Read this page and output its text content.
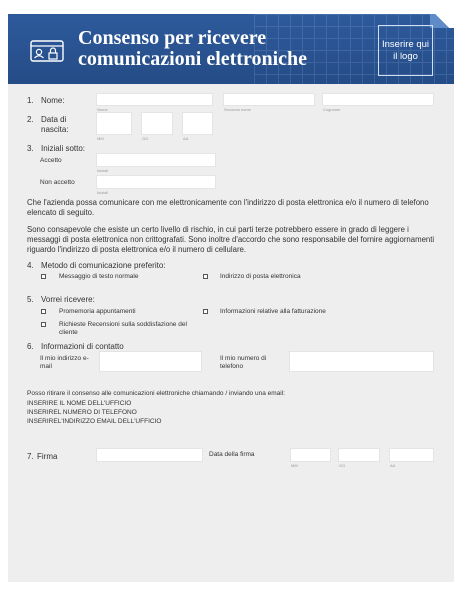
Consenso per ricevere
comunicazioni elettroniche
Inserire qui il logo
1. Nome:
Nome	Secondo nome	Cognome
2. Data di
nascita:
MM	GG	AA
3. Iniziali sotto:
Accetto
Iniziali
Non accetto
Iniziali
Che l'azienda possa comunicare con me elettronicamente con l'indirizzo di posta elettronica e/o il numero di telefono elencato di seguito.
Sono consapevole che esiste un certo livello di rischio, in cui parti terze potrebbero essere in grado di leggere i messaggi di posta elettronica non crittografati. Sono inoltre d'accordo che sono responsabile del fornire aggiornamenti riguardo l'indirizzo di posta elettronica e/o il numero di cellulare.
4. Metodo di comunicazione preferito:
Messaggio di testo normale	Indirizzo di posta elettronica
5. Vorrei ricevere:
Promemoria appuntamenti	Informazioni relative alla fatturazione
Richieste Recensioni sulla soddisfazione del cliente
6. Informazioni di contatto
Il mio indirizzo e-mail
Il mio numero di telefono
Posso ritirare il consenso alle comunicazioni elettroniche chiamando / inviando una email:
INSERIRE IL NOME DELL'UFFICIO
INSERIREL NUMERO DI TELEFONO
INSERIREL'INDIRIZZO EMAIL DELL'UFFICIO
7. Firma	Data della firma
MM	GG	AA
